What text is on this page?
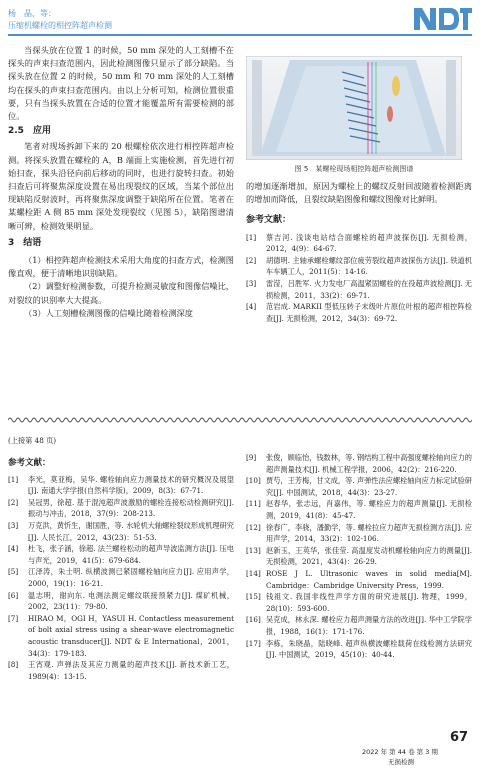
杨　晶，等：
压缩机螺栓的相控阵超声检测

当探头放在位置 1 的时候，50 mm 深处的人工刻槽不在探头的声束扫查范围内，因此检测图像只显示了部分缺陷。当探头放在位置 2 的时候，50 mm 和 70 mm 深处的人工刻槽均在探头的声束扫查范围内。由以上分析可知，检测位置很重要，只有当探头放置在合适的位置才能覆盖所有需要检测的部位。

2.5　应用

笔者对现场拆卸下来的 20 根螺栓依次进行相控阵超声检测。将探头放置在螺栓的 A，B 端面上实施检测，首先进行初始扫查，探头沿径向前后移动的同时，也进行旋转扫查。初始扫查后可将聚焦深度设置在易出现裂纹的区域，当某个部位出现缺陷反射波时，再将聚焦深度调整于缺陷所在位置。笔者在某螺栓距 A 侧 85 mm 深处发现裂纹（见图 5），缺陷图谱清晰可辨，检测效果明显。

3　结语

（1）相控阵超声检测技术采用大角度的扫查方式，检测图像直观，便于清晰地识别缺陷。

（2）调整好检测参数，可提升检测灵敏度和图像信噪比，对裂纹的识别率大大提高。

（3）人工刻槽检测图像的信噪比随着检测深度

图 5　某螺栓现场相控阵超声检测图谱

的增加逐渐增加，原因为螺栓上的螺纹反射回波随着检测距离的增加而降低，且裂纹缺陷图像和螺纹图像对比鲜明。

参考文献：
[1]	蔡吉河. 浅谈电站结合面螺栓的超声波探伤[J]. 无损检测，2012，4(9)：64-67.
[2]	胡德明. 主轴承螺栓螺纹部位疲劳裂纹超声波探伤方法[J]. 铁道机车车辆工人，2011(5)：14-16.
[3]	雷滢，吕胜军. 火力发电厂高温紧固螺栓的在役超声波检测[J]. 无损检测，2011，33(2)：69-71.
[4]	范岩成. MARKII 型低压转子末级叶片原位叶根的超声相控阵检查[J]. 无损检测，2012，34(3)：69-72.
(上接第 48 页)
参考文献：
[1]	李光，莫亚梅，吴华. 螺栓轴向应力测量技术的研究概况及展望[J]. 南通大学学报(自然科学版)，2009，8(3)：67-71.
[2]	吴冠男，徐超. 基于混沌超声波激励的螺栓连接松动检测研究[J]. 振动与冲击，2018，37(9)：208-213.
[3]	万克洪，黄忻生，谢国胜，等. 水轮机大轴螺栓裂纹形成机理研究[J]. 人民长江，2012，43(23)：51-53.
[4]	杜飞，张子涵，徐超. 法兰螺栓松动的超声导波监测方法[J]. 压电与声光，2019，41(5)：679-684.
[5]	江泽涛，朱士明. 纵横波测已紧固螺栓轴向应力[J]. 应用声学，2000，19(1)：16-21.
[6]	温志明，谢向东. 电测法测定螺纹联接预紧力[J]. 煤矿机械，2002，23(11)：79-80.
[7]	HIRAO M，OGI H，YASUI H. Contactless measurement of bolt axial stress using a shear-wave electromagnetic acoustic transducer[J]. NDT & E International，2001，34(3)：179-183.
[8]	王宵观. 声弹法及其应力测量的超声技术[J]. 新技术新工艺，1989(4)：13-15.
[9]	张俊，顾临怡，钱数林，等. 钢结构工程中高强度螺栓轴向应力的超声测量技术[J]. 机械工程学报，2006，42(2)：216-220.
[10] 贾芍，王芳梅，甘文成，等. 声弹性法应螺栓轴向应力标定试验研究[J]. 中国测试，2018，44(3)：23-27.
[11] 赵春华，张志远，肖嘉伟，等. 螺栓应力的超声测量[J]. 无损检测，2019，41(8)：45-47.
[12] 徐春广，李骁，潘勤学，等. 螺栓拉应力超声无损检测方法[J]. 应用声学，2014，33(2)：102-106.
[13] 赵新玉，王英华，张佳莹. 高温度发动机螺栓轴向应力的测量[J]. 无损检测，2021，43(4)：26-29.
[14] ROSE J L. Ultrasonic waves in solid media[M]. Cambridge：Cambridge University Press，1999.
[15] 钱祖文. 我国非线性声学方面的研究进展[J]. 物理，1999，28(10)：593-600.
[16] 吴克成，林永深. 螺栓应力超声测量方法的改进[J]. 华中工学院学报，1988，16(1)：171-176.
[17] 李栋，朱晓晶，陆晓峰. 超声纵横波螺栓载荷在线检测方法研究[J]. 中国测试，2019，45(10)：40-44.
67
2022 年 第 44 卷 第 3 期
无损检测
